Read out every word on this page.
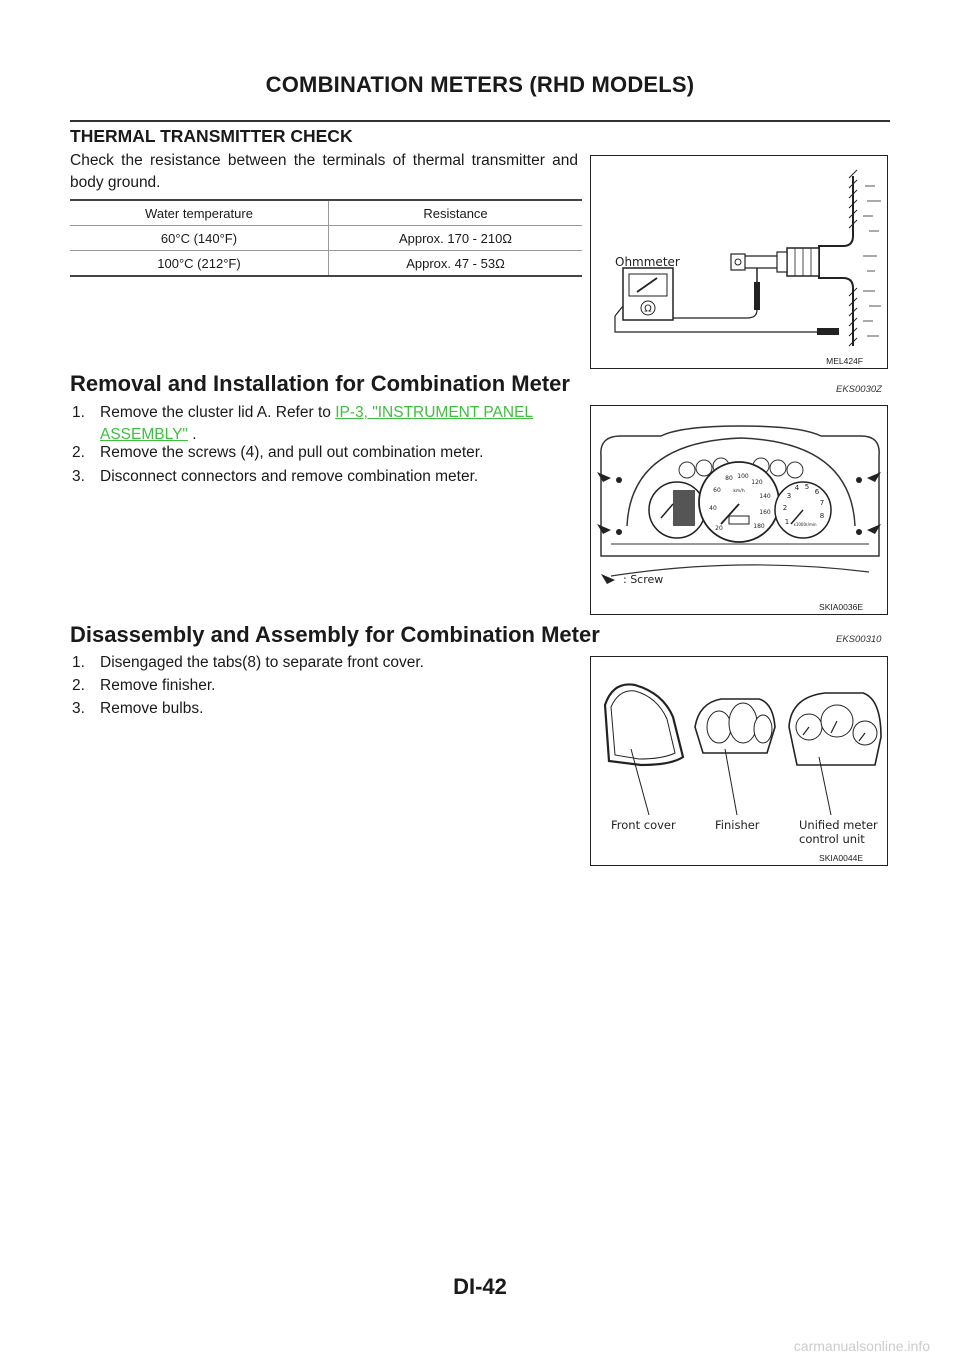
COMBINATION METERS (RHD MODELS)
THERMAL TRANSMITTER CHECK
Check the resistance between the terminals of thermal transmitter and body ground.
Water temperature	Resistance
60°C (140°F)	Approx. 170 - 210Ω
100°C (212°F)	Approx. 47 - 53Ω
Ω
Ohmmeter
MEL424F
Removal and Installation for Combination Meter	EKS0030Z
1. Remove the cluster lid A. Refer to IP-3, "INSTRUMENT PANEL
ASSEMBLY" .
2. Remove the screws (4), and pull out combination meter.
3. Disconnect connectors and remove combination meter.
20
40
60
80 100
120
140
160
180
km/h
1
2
3
4 5
6
7
8
x1000r/min
: Screw
SKIA0036E
Disassembly and Assembly for Combination Meter	EKS00310
1. Disengaged the tabs(8) to separate front cover.
2. Remove finisher.
3. Remove bulbs.
Front cover	Finisher	Unified meter
control unit
SKIA0044E
DI-42
carmanualsonline.info
